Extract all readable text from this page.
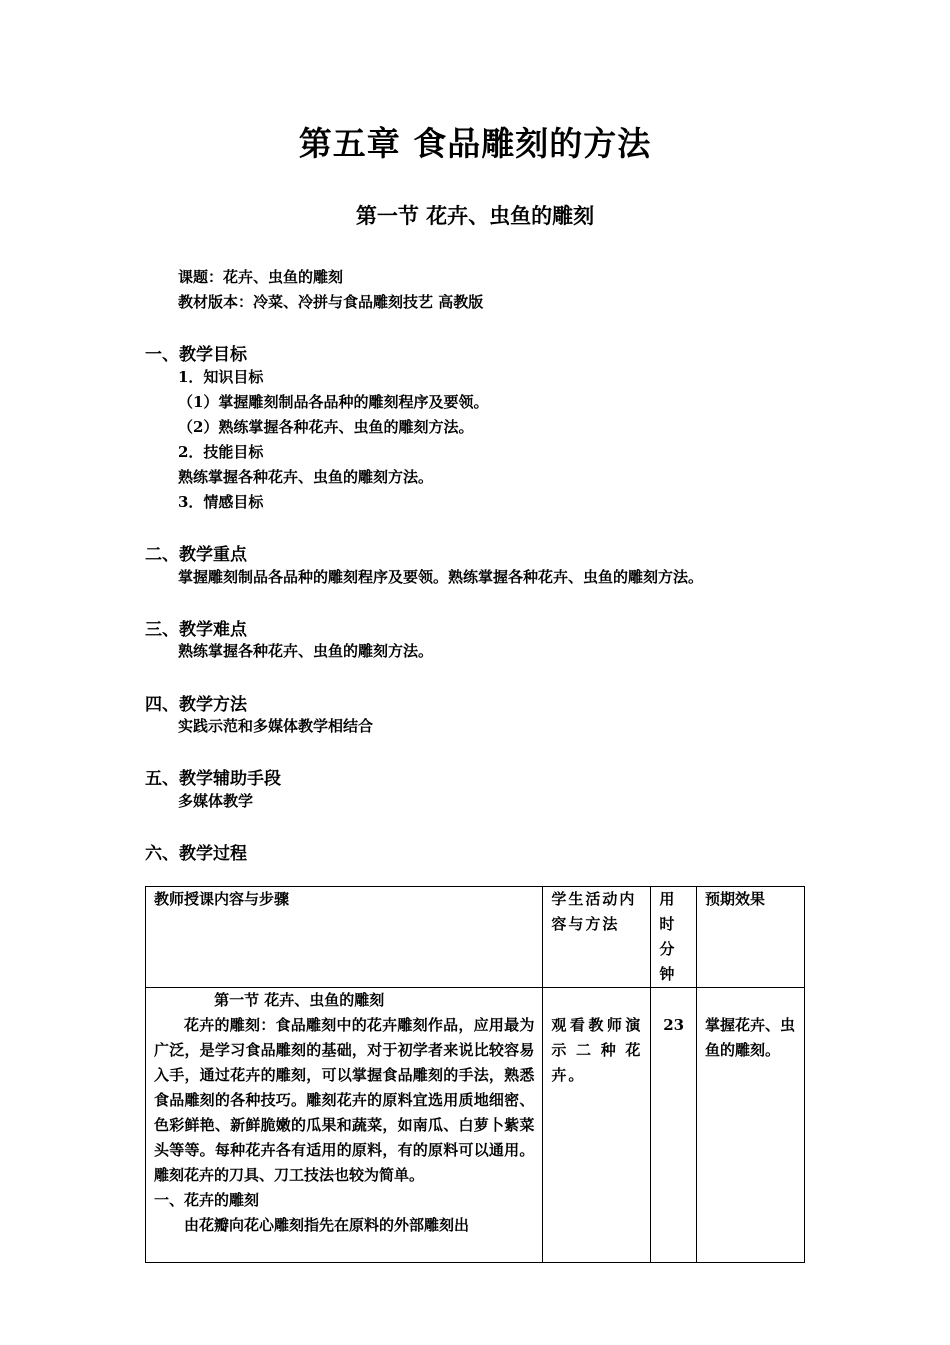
第五章 食品雕刻的方法
第一节 花卉、虫鱼的雕刻
课题：花卉、虫鱼的雕刻
教材版本：冷菜、冷拼与食品雕刻技艺 高教版
一、教学目标
1．知识目标
（1）掌握雕刻制品各品种的雕刻程序及要领。
（2）熟练掌握各种花卉、虫鱼的雕刻方法。
2．技能目标
熟练掌握各种花卉、虫鱼的雕刻方法。
3．情感目标
二、教学重点
掌握雕刻制品各品种的雕刻程序及要领。熟练掌握各种花卉、虫鱼的雕刻方法。
三、教学难点
熟练掌握各种花卉、虫鱼的雕刻方法。
四、教学方法
实践示范和多媒体教学相结合
五、教学辅助手段
多媒体教学
六、教学过程
教师授课内容与步骤	学生活动内容与方法	用时分钟	预期效果

第一节 花卉、虫鱼的雕刻

花卉的雕刻：食品雕刻中的花卉雕刻作品，应用最为广泛，是学习食品雕刻的基础，对于初学者来说比较容易入手，通过花卉的雕刻，可以掌握食品雕刻的手法，熟悉食品雕刻的各种技巧。雕刻花卉的原料宜选用质地细密、色彩鲜艳、新鲜脆嫩的瓜果和蔬菜，如南瓜、白萝卜紫菜头等等。每种花卉各有适用的原料，有的原料可以通用。雕刻花卉的刀具、刀工技法也较为简单。

一、花卉的雕刻

由花瓣向花心雕刻指先在原料的外部雕刻出	观看教师演示二种花卉。	23	掌握花卉、虫鱼的雕刻。
